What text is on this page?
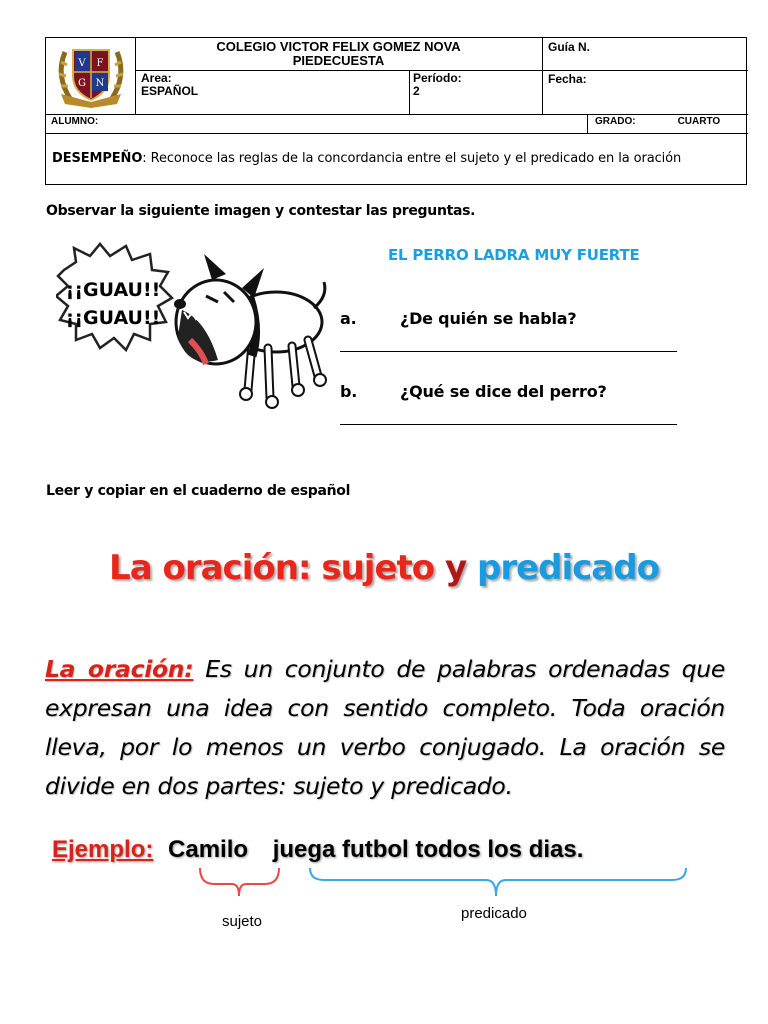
V F
G N
COLEGIO VICTOR FELIX GOMEZ NOVA
PIEDECUESTA
Guía N.
Area:
ESPAÑOL
Período:
2
Fecha:
ALUMNO:	GRADO:	CUARTO
DESEMPEÑO: Reconoce las reglas de la concordancia entre el sujeto y el predicado en la oración
Observar la siguiente imagen y contestar las preguntas.
¡¡GUAU!!
¡¡GUAU!!
EL PERRO LADRA MUY FUERTE
a.	¿De quién se habla?
b.	¿Qué se dice del perro?
Leer y copiar en el cuaderno de español
La oración: sujeto y predicado
La oración: Es un conjunto de palabras ordenadas que expresan una idea con sentido completo. Toda oración lleva, por lo menos un verbo conjugado. La oración se divide en dos partes: sujeto y predicado.
Ejemplo: Camilo juega futbol todos los dias.
sujeto	predicado
